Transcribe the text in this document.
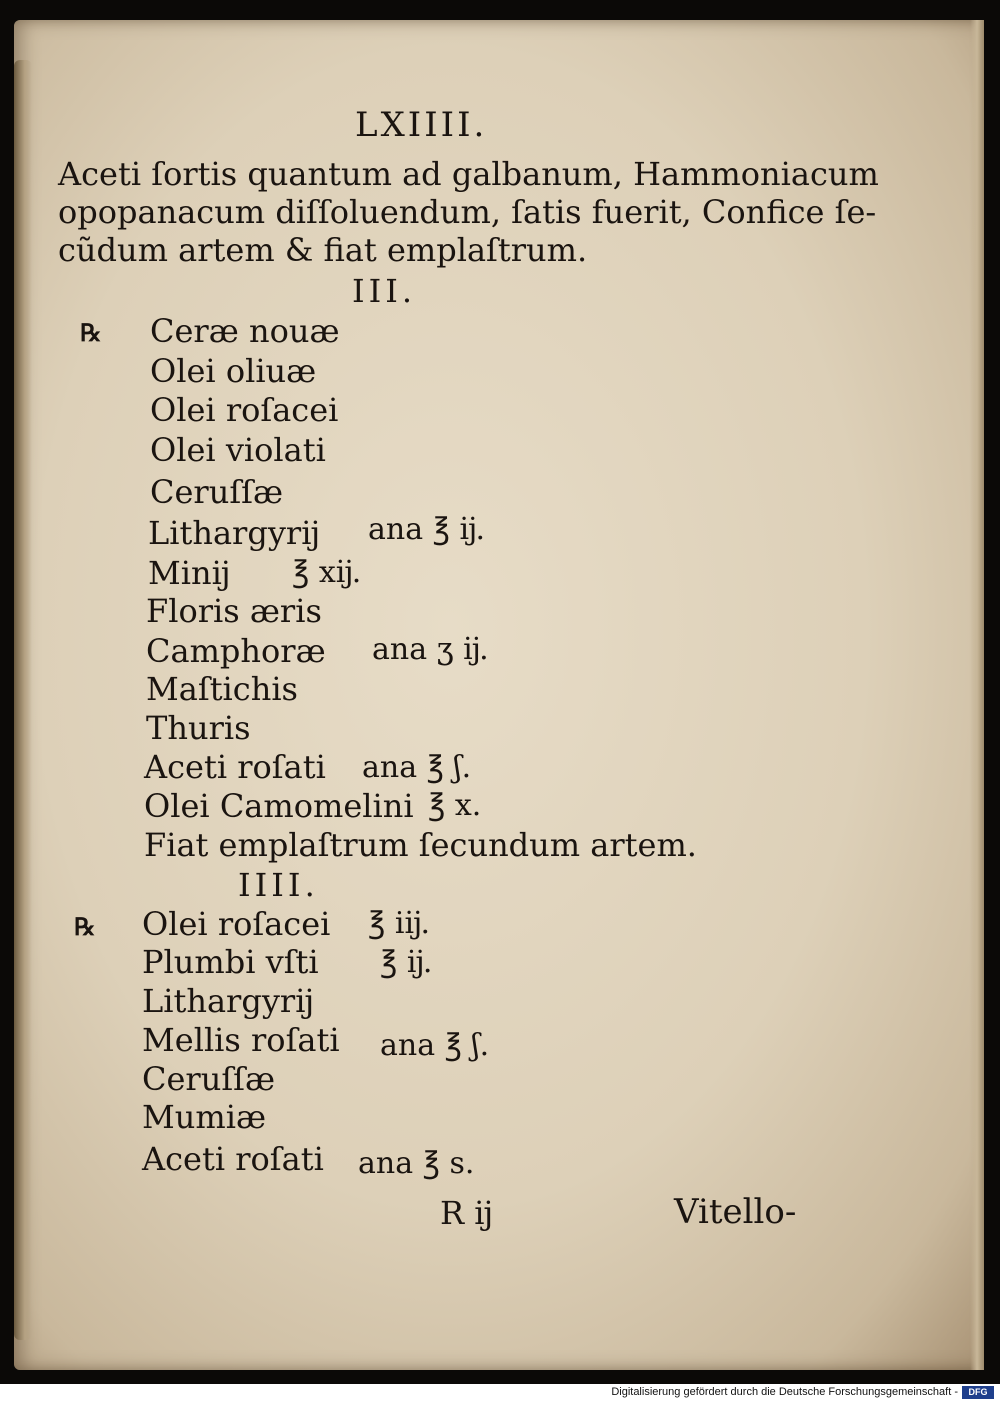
LXIIII.
Aceti ſortis quantum ad galbanum, Hammoniacum
opopanacum diſſoluendum, ſatis fuerit, Confice ſe-
cũdum artem & fiat emplaſtrum.
III.
℞ Ceræ nouæ
Olei oliuæ
Olei roſacei
Olei violati
Ceruſſæ
Lithargyrĳ ana ℥ ĳ.
Minĳ ℥ xĳ.
Floris æris
Camphoræ ana ʒ ĳ.
Maſtichis
Thuris
Aceti roſati ana ℥ ʃ.
Olei Camomelini ℥ x.
Fiat emplaſtrum ſecundum artem.
IIII.
℞ Olei roſacei ℥ iĳ.
Plumbi vſti ℥ ĳ.
Lithargyrĳ
Mellis roſati ana ℥ ʃ.
Ceruſſæ
Mumiæ
Aceti roſati ana ℥ s.
R ĳ	Vitello-
Digitalisierung gefördert durch die Deutsche Forschungsgemeinschaft -	DFG
